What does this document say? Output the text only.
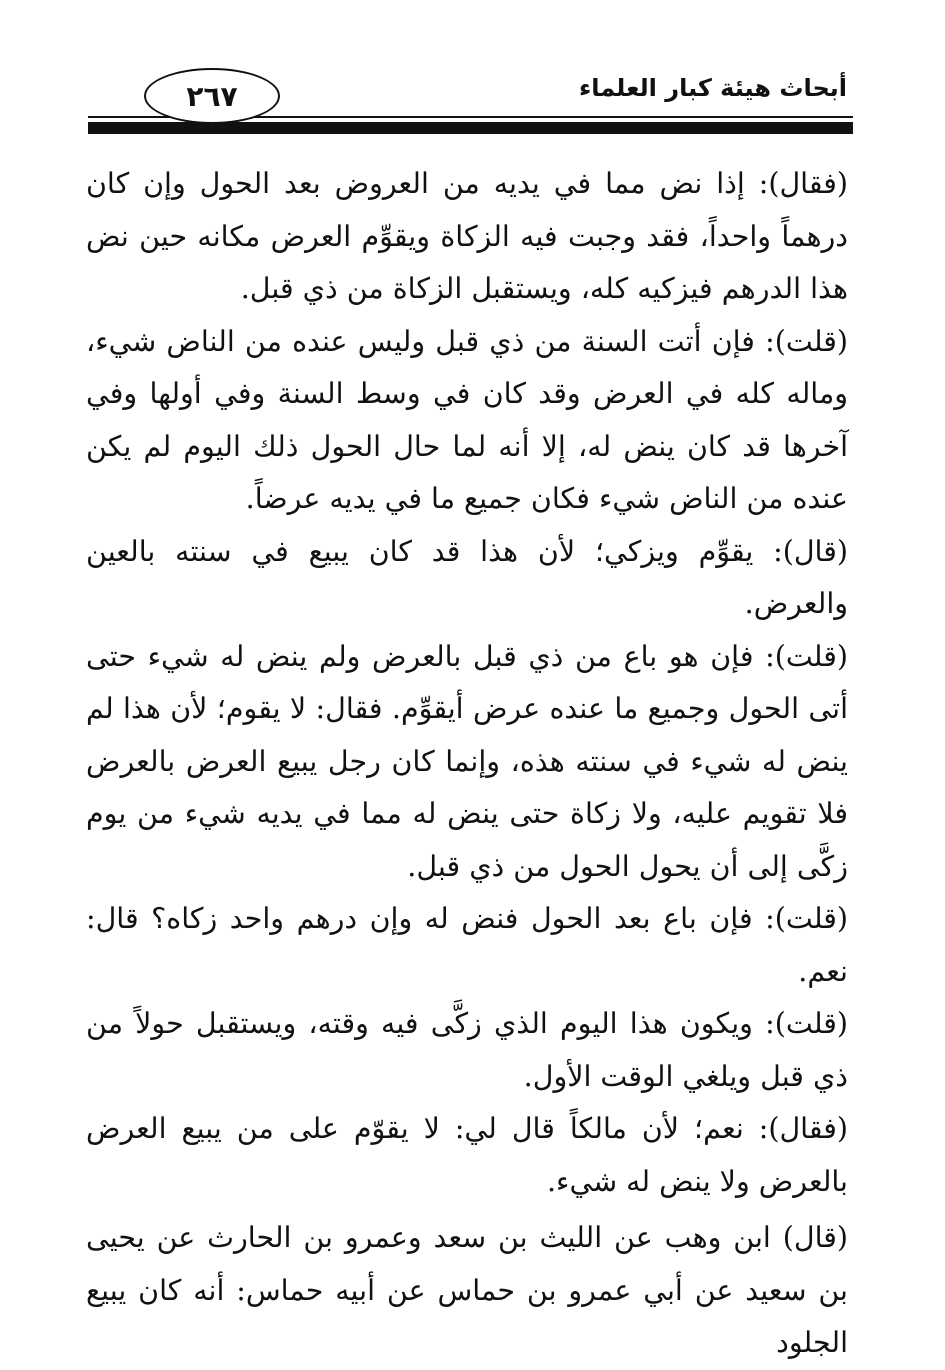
أبحاث هيئة كبار العلماء
٢٦٧

(فقال): إذا نض مما في يديه من العروض بعد الحول وإن كان درهماً واحداً، فقد وجبت فيه الزكاة ويقوِّم العرض مكانه حين نض هذا الدرهم فيزكيه كله، ويستقبل الزكاة من ذي قبل.

(قلت): فإن أتت السنة من ذي قبل وليس عنده من الناض شيء، وماله كله في العرض وقد كان في وسط السنة وفي أولها وفي آخرها قد كان ينض له، إلا أنه لما حال الحول ذلك اليوم لم يكن عنده من الناض شيء فكان جميع ما في يديه عرضاً.

(قال): يقوِّم ويزكي؛ لأن هذا قد كان يبيع في سنته بالعين والعرض.

(قلت): فإن هو باع من ذي قبل بالعرض ولم ينض له شيء حتى أتى الحول وجميع ما عنده عرض أيقوِّم. فقال: لا يقوم؛ لأن هذا لم ينض له شيء في سنته هذه، وإنما كان رجل يبيع العرض بالعرض فلا تقويم عليه، ولا زكاة حتى ينض له مما في يديه شيء من يوم زكَّى إلى أن يحول الحول من ذي قبل.

(قلت): فإن باع بعد الحول فنض له وإن درهم واحد زكاه؟ قال: نعم.

(قلت): ويكون هذا اليوم الذي زكَّى فيه وقته، ويستقبل حولاً من ذي قبل ويلغي الوقت الأول.

(فقال): نعم؛ لأن مالكاً قال لي: لا يقوّم على من يبيع العرض بالعرض ولا ينض له شيء.

(قال) ابن وهب عن الليث بن سعد وعمرو بن الحارث عن يحيى بن سعيد عن أبي عمرو بن حماس عن أبيه حماس: أنه كان يبيع الجلود
